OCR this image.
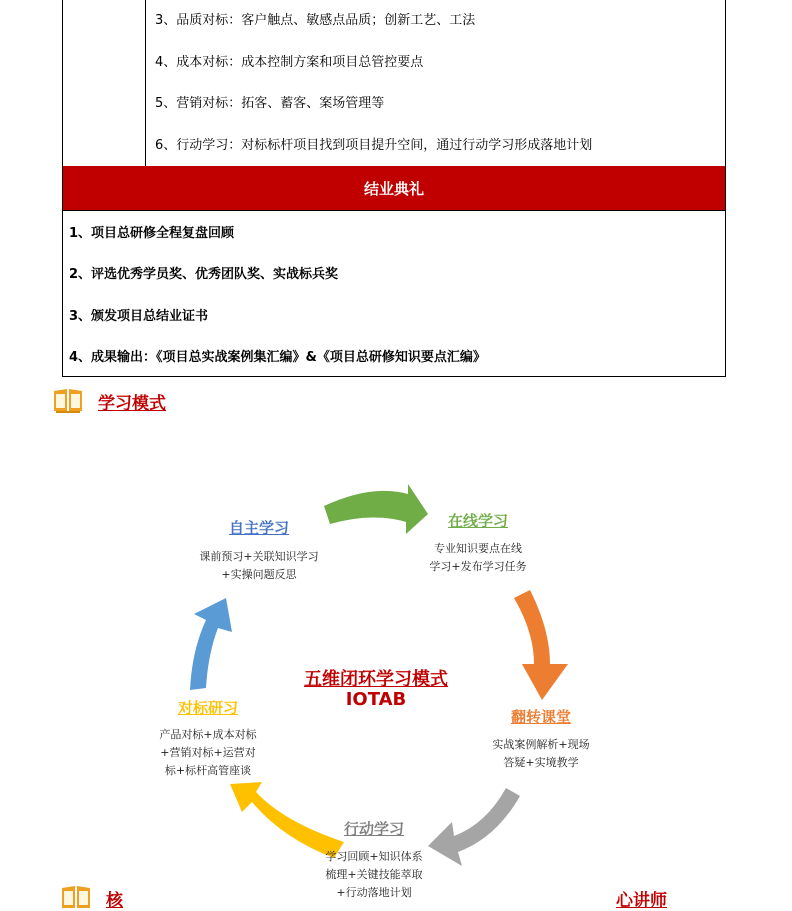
3、品质对标：客户触点、敏感点品质；创新工艺、工法
4、成本对标：成本控制方案和项目总管控要点
5、营销对标：拓客、蓄客、案场管理等
6、行动学习：对标标杆项目找到项目提升空间，通过行动学习形成落地计划
结业典礼
1、项目总研修全程复盘回顾
2、评选优秀学员奖、优秀团队奖、实战标兵奖
3、颁发项目总结业证书
4、成果输出：《项目总实战案例集汇编》&《项目总研修知识要点汇编》
学习模式
自主学习
课前预习+关联知识学习
+实操问题反思
在线学习
专业知识要点在线
学习+发布学习任务
翻转课堂
实战案例解析+现场
答疑+实境教学
行动学习
学习回顾+知识体系
梳理+关键技能萃取
+行动落地计划
对标研习
产品对标+成本对标
+营销对标+运营对
标+标杆高管座谈
五维闭环学习模式
IOTAB
核	心讲师
